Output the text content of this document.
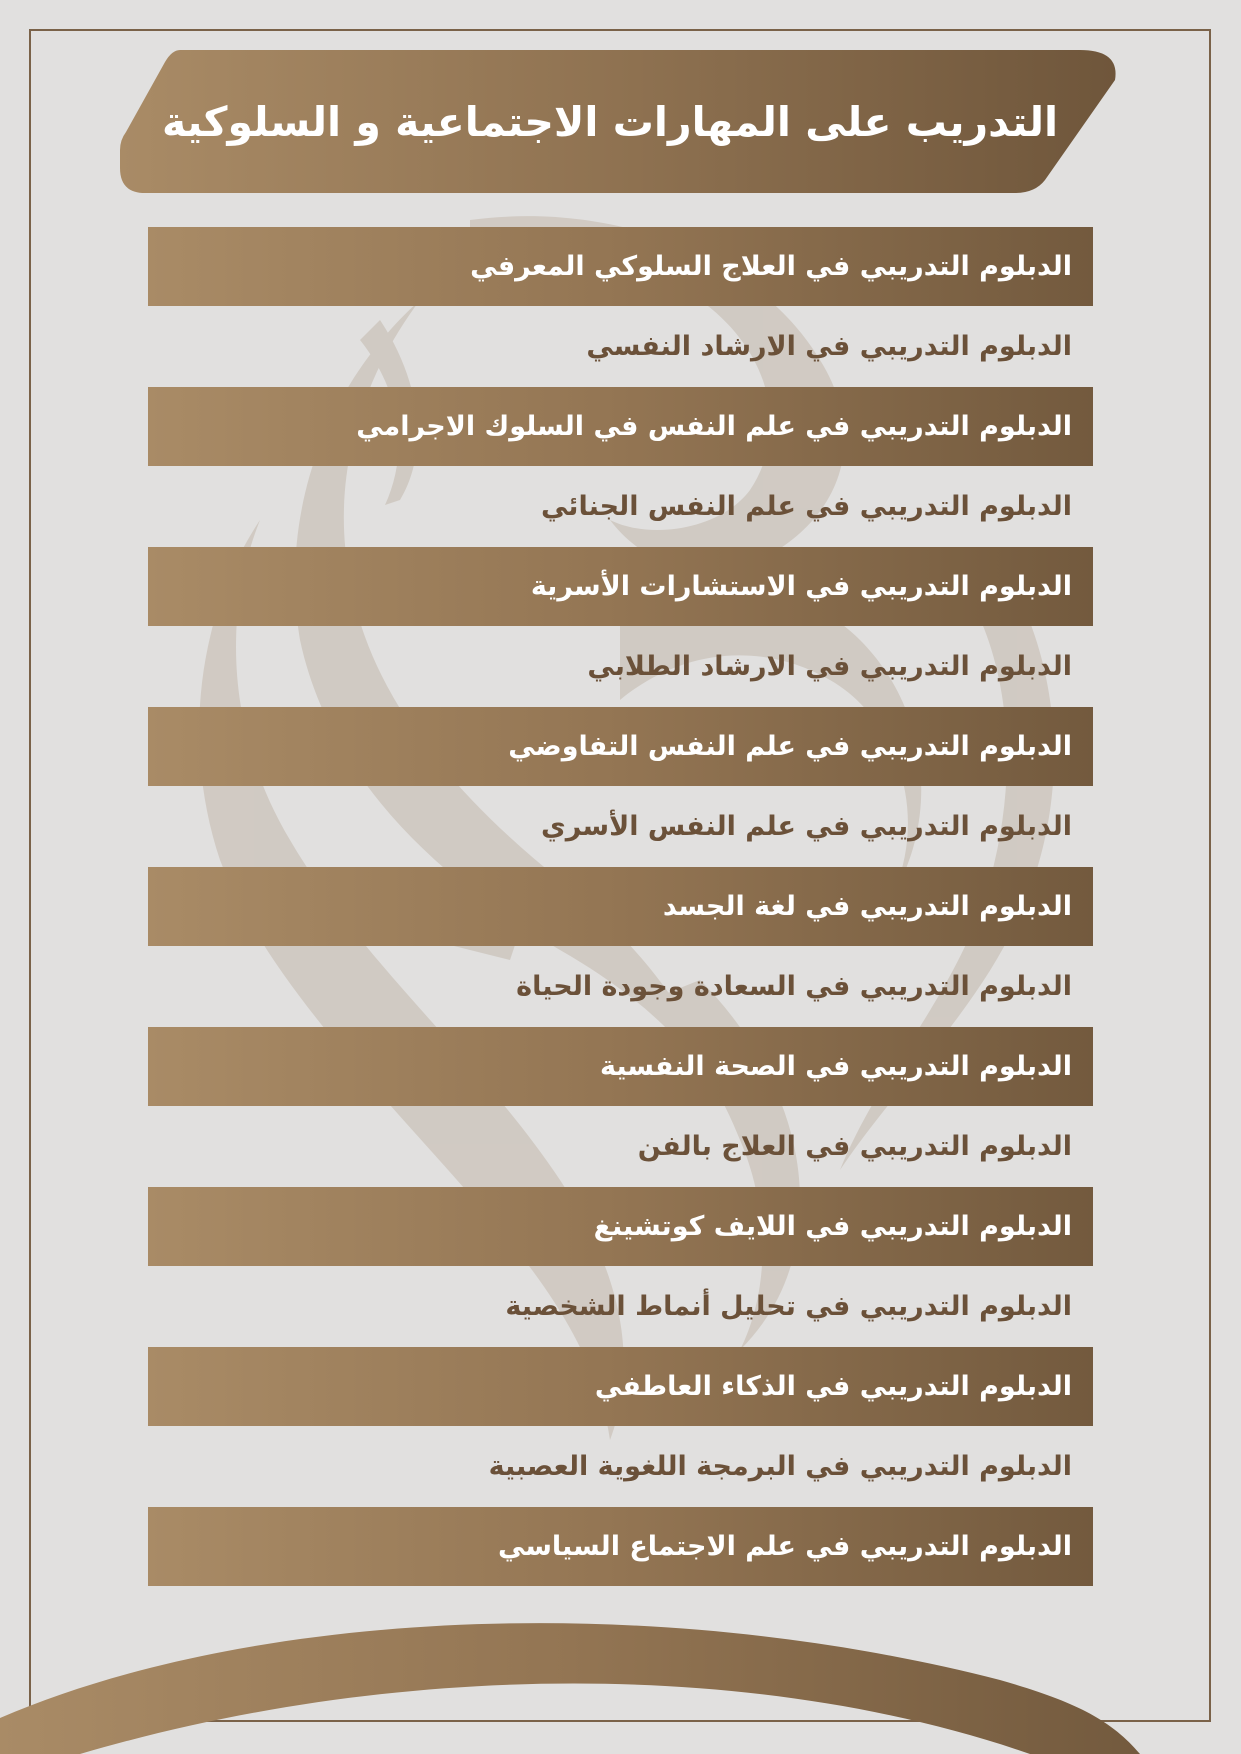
التدريب على المهارات الاجتماعية و السلوكية
الدبلوم التدريبي في العلاج السلوكي المعرفي
الدبلوم التدريبي في الارشاد النفسي
الدبلوم التدريبي في علم النفس في السلوك الاجرامي
الدبلوم التدريبي في علم النفس الجنائي
الدبلوم التدريبي في الاستشارات الأسرية
الدبلوم التدريبي في الارشاد الطلابي
الدبلوم التدريبي في علم النفس التفاوضي
الدبلوم التدريبي في علم النفس الأسري
الدبلوم التدريبي في لغة الجسد
الدبلوم التدريبي في السعادة وجودة الحياة
الدبلوم التدريبي في الصحة النفسية
الدبلوم التدريبي في العلاج بالفن
الدبلوم التدريبي في اللايف كوتشينغ
الدبلوم التدريبي في تحليل أنماط الشخصية
الدبلوم التدريبي في الذكاء العاطفي
الدبلوم التدريبي في البرمجة اللغوية العصبية
الدبلوم التدريبي في علم الاجتماع السياسي
